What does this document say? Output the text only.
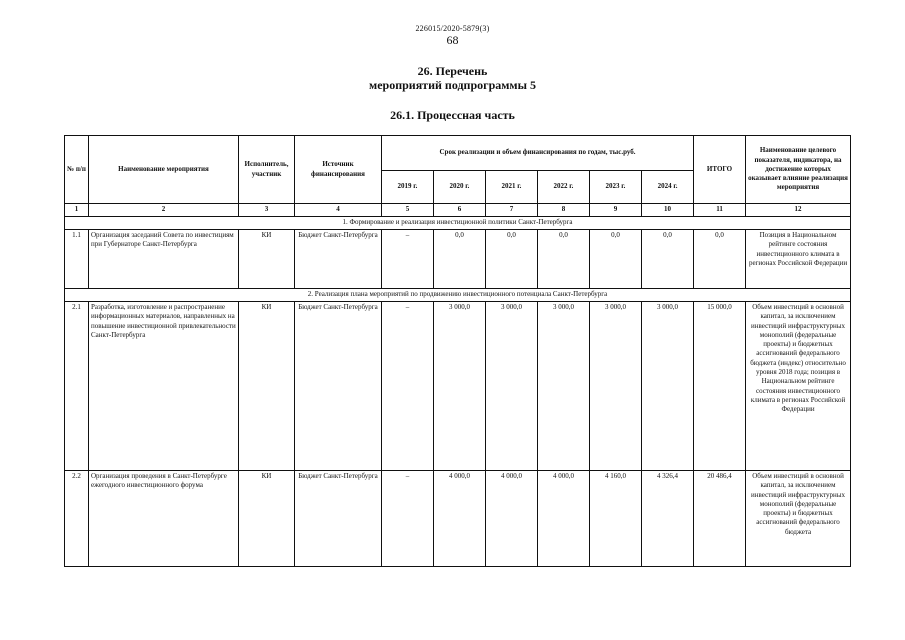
226015/2020-5879(3)
68
26. Перечень
мероприятий подпрограммы 5
26.1. Процессная часть
№ п/п	Наименование мероприятия	Исполнитель, участник	Источник финансирования	Срок реализации и объем финансирования по годам, тыс.руб.						ИТОГО	Наименование целевого показателя, индикатора, на достижение которых оказывает влияние реализация мероприятия
				2019 г.	2020 г.	2021 г.	2022 г.	2023 г.	2024 г.		
1	2	3	4	5	6	7	8	9	10	11	12
1. Формирование и реализация инвестиционной политики Санкт-Петербурга											
1.1	Организация заседаний Совета по инвестициям при Губернаторе Санкт-Петербурга	КИ	Бюджет Санкт-Петербурга	–	0,0	0,0	0,0	0,0	0,0	0,0	Позиция в Национальном рейтинге состояния инвестиционного климата в регионах Российской Федерации
2. Реализация плана мероприятий по продвижению инвестиционного потенциала Санкт-Петербурга											
2.1	Разработка, изготовление и распространение информационных материалов, направленных на повышение инвестиционной привлекательности Санкт-Петербурга	КИ	Бюджет Санкт-Петербурга	–	3 000,0	3 000,0	3 000,0	3 000,0	3 000,0	15 000,0	Объем инвестиций в основной капитал, за исключением инвестиций инфраструктурных монополий (федеральные проекты) и бюджетных ассигнований федерального бюджета (индекс) относительно уровня 2018 года; позиция в Национальном рейтинге состояния инвестиционного климата в регионах Российской Федерации
2.2	Организация проведения в Санкт-Петербурге ежегодного инвестиционного форума	КИ	Бюджет Санкт-Петербурга	–	4 000,0	4 000,0	4 000,0	4 160,0	4 326,4	20 486,4	Объем инвестиций в основной капитал, за исключением инвестиций инфраструктурных монополий (федеральные проекты) и бюджетных ассигнований федерального бюджета
